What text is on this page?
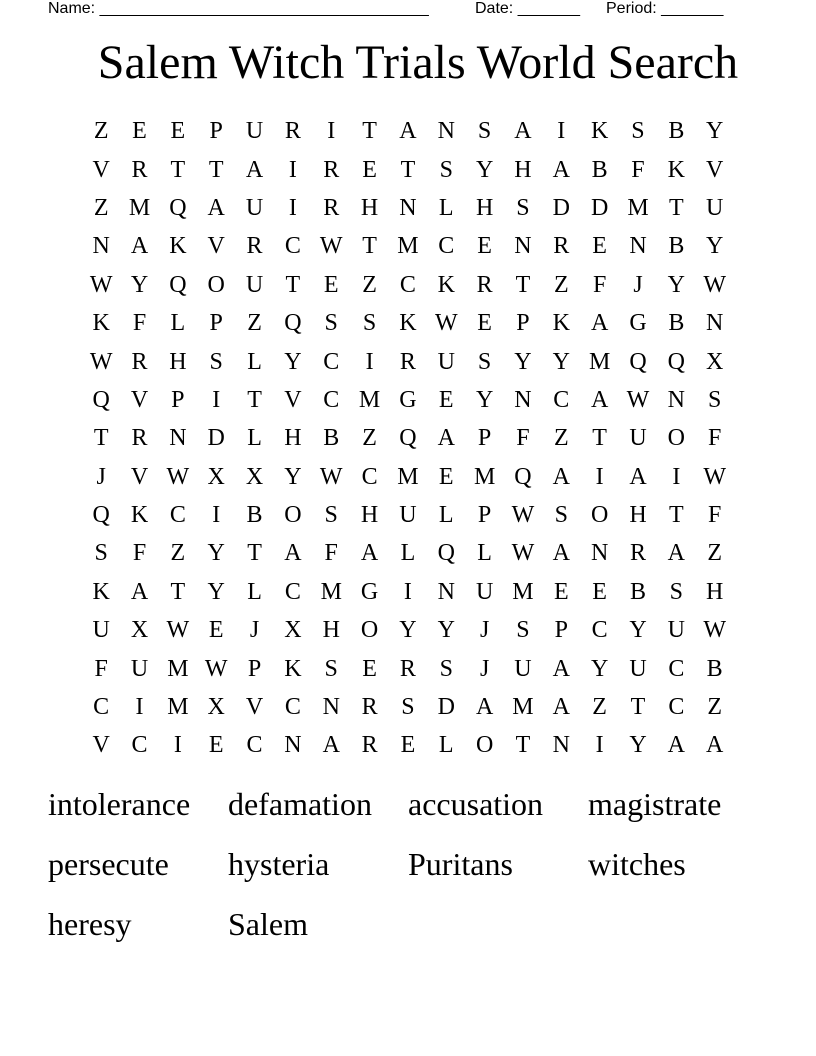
Name: _____________________________________	Date: _______ Period: _______
Salem Witch Trials World Search
Z E E	P U R	I	T A N S A	I	K S B Y
V R T T A	I	R E T	S Y H A B F K V
Z M Q A U	I	R H N L H S D D M T U
N A K V R C W T M C E N R E N B Y
W Y Q O U T E Z C K R T Z	F	J	Y W
K F	L	P	Z Q S	S K W E	P K A G B N
W R H S	L Y C	I	R U S Y Y M Q Q X
Q V P	I	T V C M G E Y N C A W N S
T R N D L H B Z Q A P	F	Z T U O F
J	V W X X Y W C M E M Q A	I	A	I W
Q K C	I	B O S H U L	P W S O H T	F
S	F	Z Y T A F A L Q L W A N R A Z
K A T Y L C M G	I	N U M E E B S H
U X W E	J	X H O Y Y	J	S	P C Y U W
F U M W P K S	E R S	J	U A Y U C B
C	I M X V C N R S D A M A Z T C Z
V C	I	E C N A R E L O T N	I	Y A A
intolerance	defamation	accusation	magistrate
persecute	hysteria	Puritans	witches
heresy	Salem
